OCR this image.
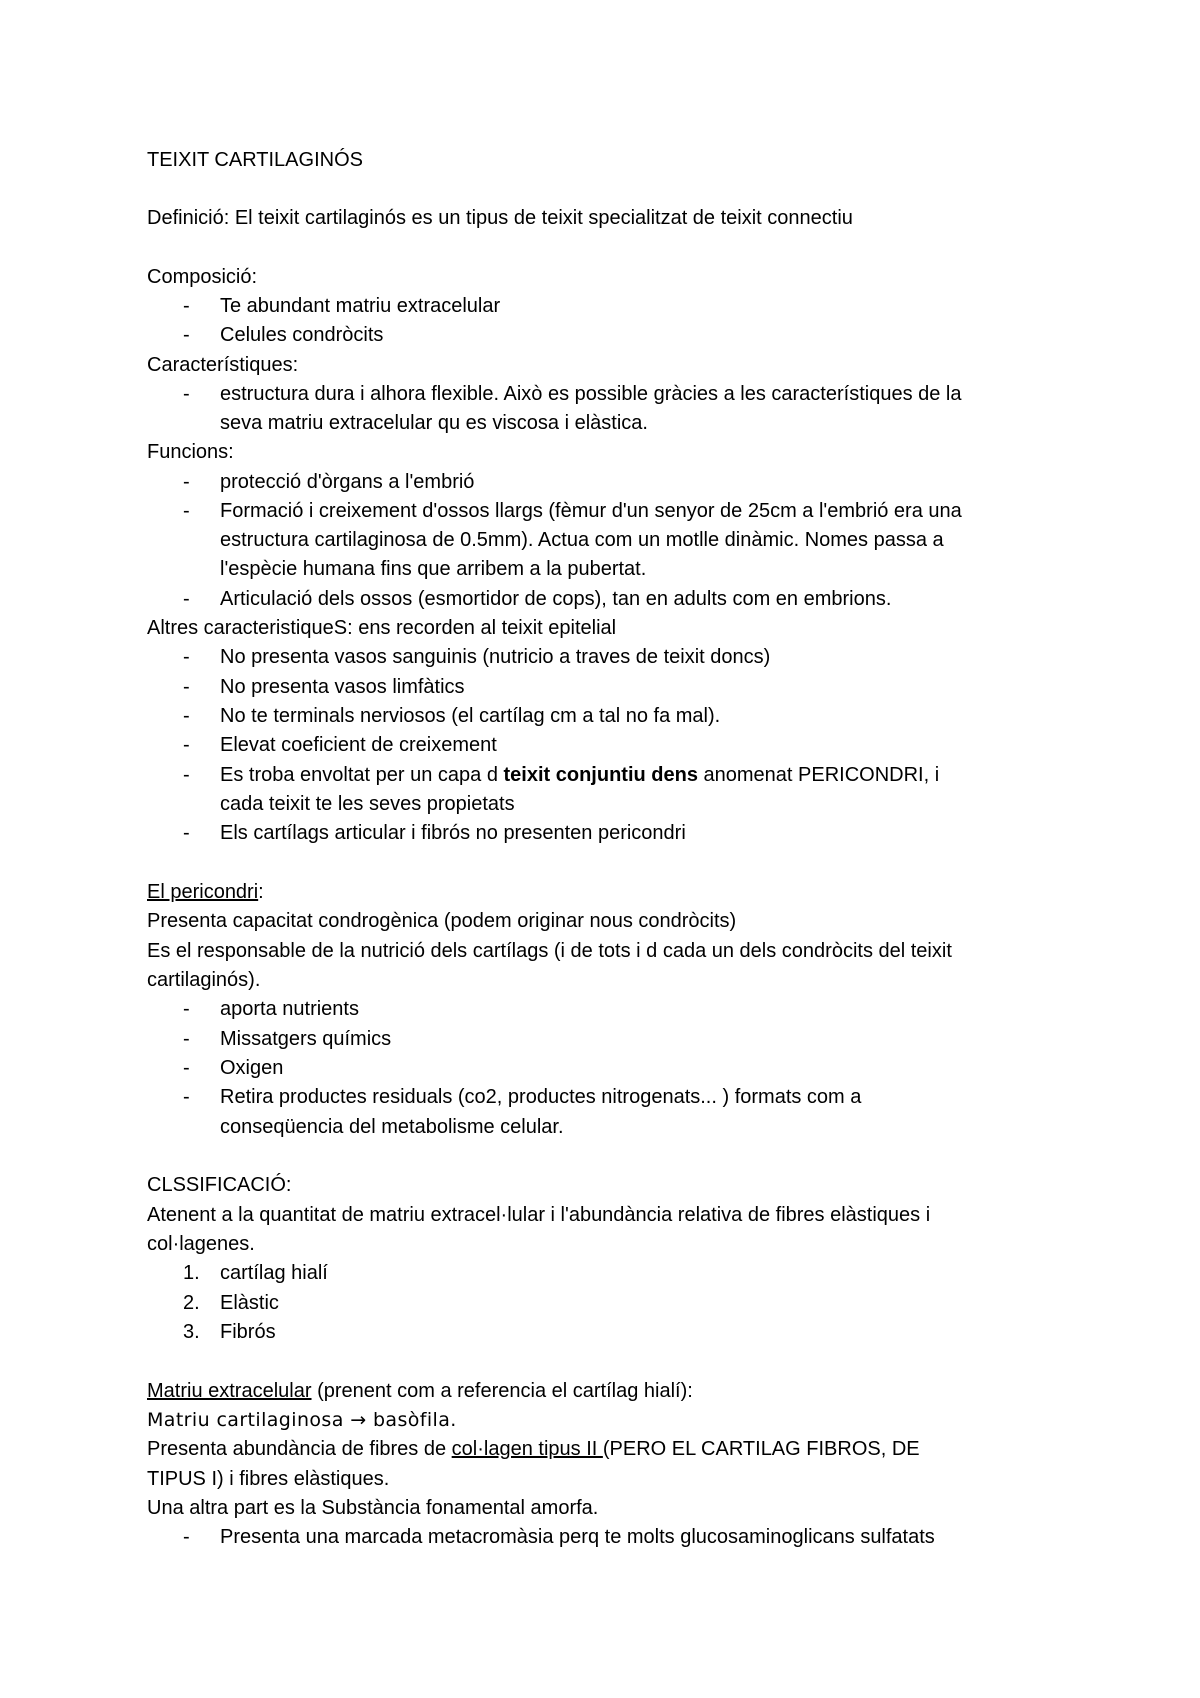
TEIXIT CARTILAGINÓS
Definició: El teixit cartilaginós es un tipus de teixit specialitzat de teixit connectiu
Composició:
- Te abundant matriu extracelular
- Celules condròcits
Característiques:
- estructura dura i alhora flexible. Això es possible gràcies a les característiques de la
seva matriu extracelular qu es viscosa i elàstica.
Funcions:
- protecció d'òrgans a l'embrió
- Formació i creixement d'ossos llargs (fèmur d'un senyor de 25cm a l'embrió era una
estructura cartilaginosa de 0.5mm). Actua com un motlle dinàmic. Nomes passa a
l'espècie humana fins que arribem a la pubertat.
- Articulació dels ossos (esmortidor de cops), tan en adults com en embrions.
Altres caracteristiqueS: ens recorden al teixit epitelial
- No presenta vasos sanguinis (nutricio a traves de teixit doncs)
- No presenta vasos limfàtics
- No te terminals nerviosos (el cartílag cm a tal no fa mal).
- Elevat coeficient de creixement
- Es troba envoltat per un capa d teixit conjuntiu dens anomenat PERICONDRI, i
cada teixit te les seves propietats
- Els cartílags articular i fibrós no presenten pericondri
El pericondri:
Presenta capacitat condrogènica (podem originar nous condròcits)
Es el responsable de la nutrició dels cartílags (i de tots i d cada un dels condròcits del teixit
cartilaginós).
- aporta nutrients
- Missatgers químics
- Oxigen
- Retira productes residuals (co2, productes nitrogenats... ) formats com a
conseqüencia del metabolisme celular.
CLSSIFICACIÓ:
Atenent a la quantitat de matriu extracel·lular i l'abundància relativa de fibres elàstiques i
col·lagenes.
1. cartílag hialí
2. Elàstic
3. Fibrós
Matriu extracelular (prenent com a referencia el cartílag hialí):
Matriu cartilaginosa → basòfila.
Presenta abundància de fibres de col·lagen tipus II (PERO EL CARTILAG FIBROS, DE
TIPUS I) i fibres elàstiques.
Una altra part es la Substància fonamental amorfa.
- Presenta una marcada metacromàsia perq te molts glucosaminoglicans sulfatats
